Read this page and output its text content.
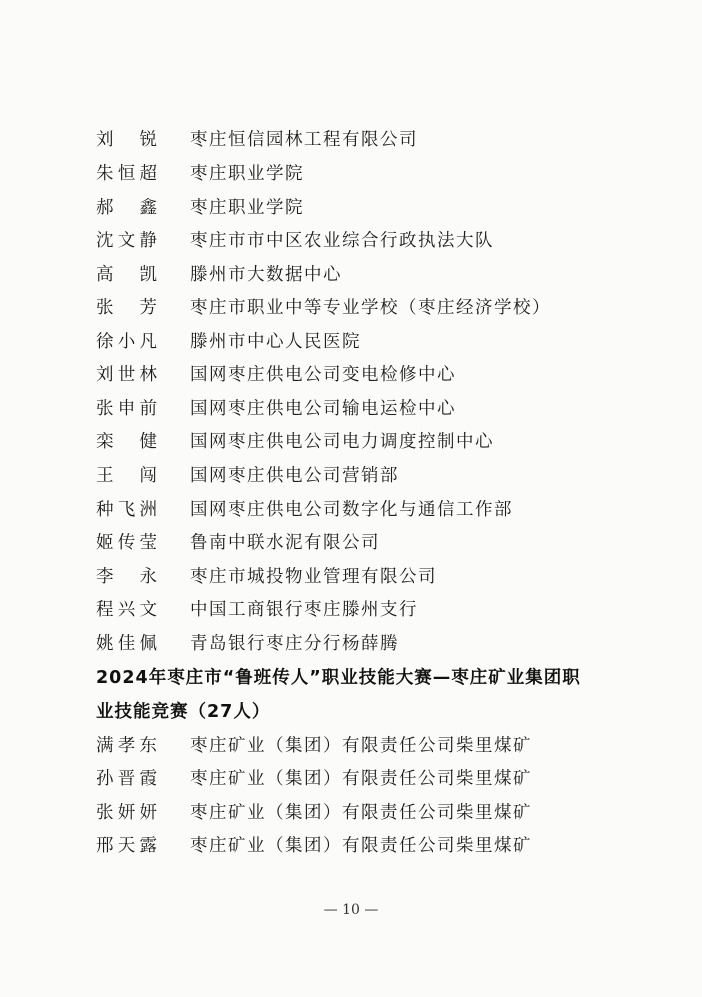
刘 锐 枣庄恒信园林工程有限公司
朱恒超 枣庄职业学院
郝 鑫 枣庄职业学院
沈文静 枣庄市市中区农业综合行政执法大队
高 凯 滕州市大数据中心
张 芳 枣庄市职业中等专业学校（枣庄经济学校）
徐小凡 滕州市中心人民医院
刘世林 国网枣庄供电公司变电检修中心
张申前 国网枣庄供电公司输电运检中心
栾 健 国网枣庄供电公司电力调度控制中心
王 闯 国网枣庄供电公司营销部
种飞洲 国网枣庄供电公司数字化与通信工作部
姬传莹 鲁南中联水泥有限公司
李 永 枣庄市城投物业管理有限公司
程兴文 中国工商银行枣庄滕州支行
姚佳佩 青岛银行枣庄分行杨薛腾
2024年枣庄市“鲁班传人”职业技能大赛—枣庄矿业集团职
业技能竞赛（27人）
满孝东 枣庄矿业（集团）有限责任公司柴里煤矿
孙晋霞 枣庄矿业（集团）有限责任公司柴里煤矿
张妍妍 枣庄矿业（集团）有限责任公司柴里煤矿
邢天露 枣庄矿业（集团）有限责任公司柴里煤矿
— 10 —
